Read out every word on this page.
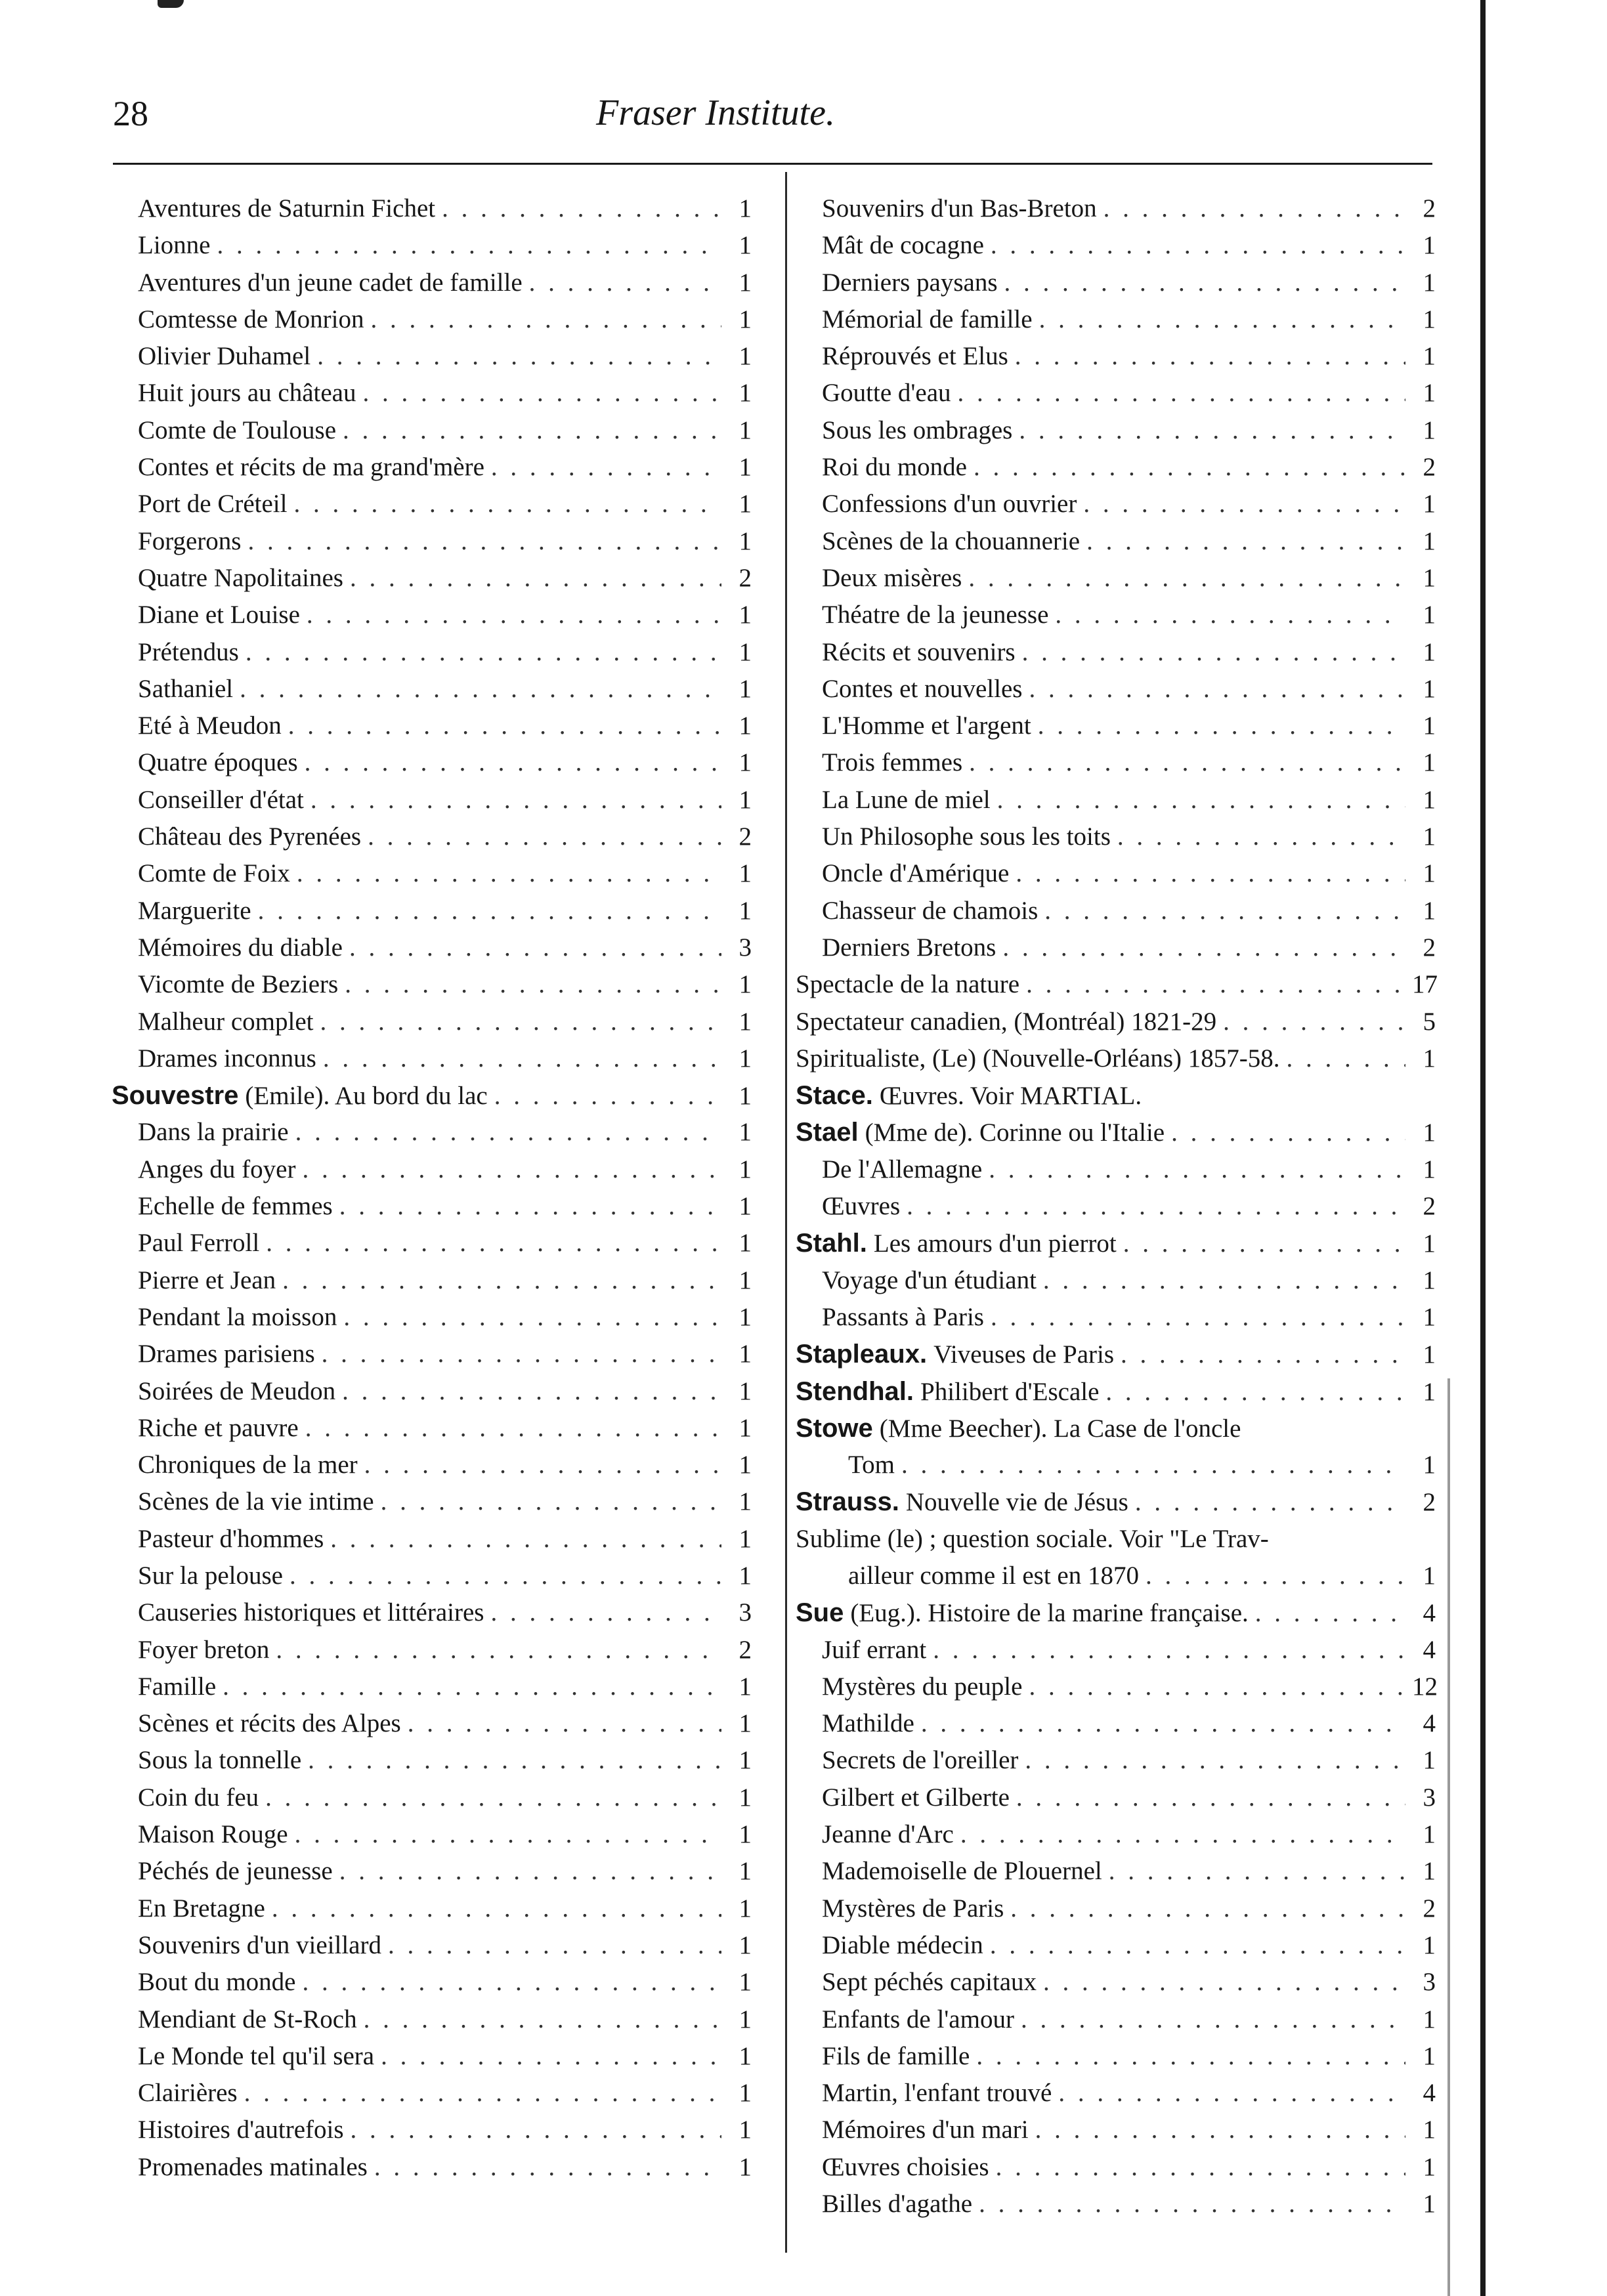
28	Fraser Institute.
Aventures de Saturnin Fichet . . .	1
Lionne . . .	1
Aventures d'un jeune cadet de famille . . .	1
Comtesse de Monrion . . .	1
Olivier Duhamel . . .	1
Huit jours au château . . .	1
Comte de Toulouse . . .	1
Contes et récits de ma grand'mère . . .	1
Port de Créteil . . .	1
Forgerons . . .	1
Quatre Napolitaines . . .	2
Diane et Louise . . .	1
Prétendus . . .	1
Sathaniel . . .	1
Eté à Meudon . . .	1
Quatre époques . . .	1
Conseiller d'état . . .	1
Château des Pyrenées . . .	2
Comte de Foix . . .	1
Marguerite . . .	1
Mémoires du diable . . .	3
Vicomte de Beziers . . .	1
Malheur complet . . .	1
Drames inconnus . . .	1
Souvestre (Emile). Au bord du lac . . .	1
Dans la prairie . . .	1
Anges du foyer . . .	1
Echelle de femmes . . .	1
Paul Ferroll . . .	1
Pierre et Jean . . .	1
Pendant la moisson . . .	1
Drames parisiens . . .	1
Soirées de Meudon . . .	1
Riche et pauvre . . .	1
Chroniques de la mer . . .	1
Scènes de la vie intime . . .	1
Pasteur d'hommes . . .	1
Sur la pelouse . . .	1
Causeries historiques et littéraires . . .	3
Foyer breton . . .	2
Famille . . .	1
Scènes et récits des Alpes . . .	1
Sous la tonnelle . . .	1
Coin du feu . . .	1
Maison Rouge . . .	1
Péchés de jeunesse . . .	1
En Bretagne . . .	1
Souvenirs d'un vieillard . . .	1
Bout du monde . . .	1
Mendiant de St-Roch . . .	1
Le Monde tel qu'il sera . . .	1
Clairières . . .	1
Histoires d'autrefois . . .	1
Promenades matinales . . .	1
Souvenirs d'un Bas-Breton . . .	2
Mât de cocagne . . .	1
Derniers paysans . . .	1
Mémorial de famille . . .	1
Réprouvés et Elus . . .	1
Goutte d'eau . . .	1
Sous les ombrages . . .	1
Roi du monde . . .	2
Confessions d'un ouvrier . . .	1
Scènes de la chouannerie . . .	1
Deux misères . . .	1
Théatre de la jeunesse . . .	1
Récits et souvenirs . . .	1
Contes et nouvelles . . .	1
L'Homme et l'argent . . .	1
Trois femmes . . .	1
La Lune de miel . . .	1
Un Philosophe sous les toits . . .	1
Oncle d'Amérique . . .	1
Chasseur de chamois . . .	1
Derniers Bretons . . .	2
Spectacle de la nature . . .	17
Spectateur canadien, (Montréal) 1821-29 . . .	5
Spiritualiste, (Le) (Nouvelle-Orléans) 1857-58. . . .	1
Stace. Œuvres. Voir MARTIAL.
Stael (Mme de). Corinne ou l'Italie . . .	1
De l'Allemagne . . .	1
Œuvres . . .	2
Stahl. Les amours d'un pierrot . . .	1
Voyage d'un étudiant . . .	1
Passants à Paris . . .	1
Stapleaux. Viveuses de Paris . . .	1
Stendhal. Philibert d'Escale . . .	1
Stowe (Mme Beecher). La Case de l'oncle
Tom . . .	1
Strauss. Nouvelle vie de Jésus . . .	2
Sublime (le) ; question sociale. Voir "Le Trav-
ailleur comme il est en 1870 . . .	1
Sue (Eug.). Histoire de la marine française. . . .	4
Juif errant . . .	4
Mystères du peuple . . .	12
Mathilde . . .	4
Secrets de l'oreiller . . .	1
Gilbert et Gilberte . . .	3
Jeanne d'Arc . . .	1
Mademoiselle de Plouernel . . .	1
Mystères de Paris . . .	2
Diable médecin . . .	1
Sept péchés capitaux . . .	3
Enfants de l'amour . . .	1
Fils de famille . . .	1
Martin, l'enfant trouvé . . .	4
Mémoires d'un mari . . .	1
Œuvres choisies . . .	1
Billes d'agathe . . .	1
